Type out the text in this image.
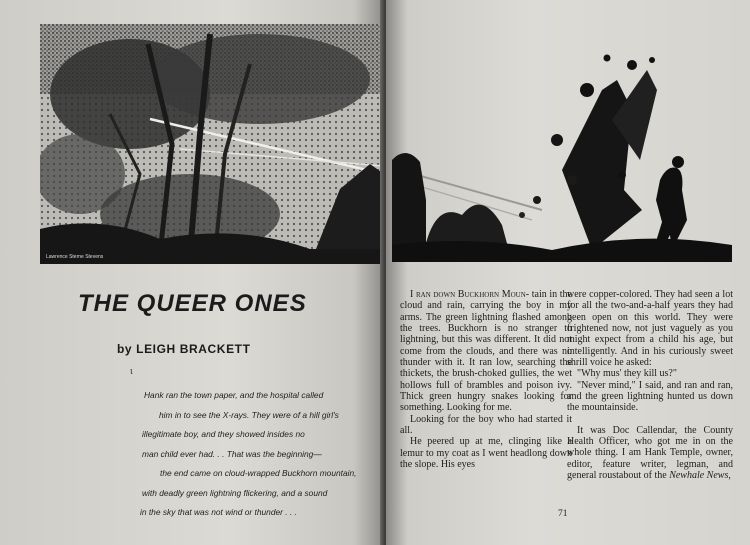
Lawrence Sterne Stevens
THE QUEER ONES
by LEIGH BRACKETT
ɩ
Hank ran the town paper, and the hospital called
him in to see the X-rays. They were of a hill girl's
illegitimate boy, and they showed insides no
man child ever had. . . That was the beginning—
the end came on cloud-wrapped Buckhorn mountain,
with deadly green lightning flickering, and a sound
in the sky that was not wind or thunder . . .

I ran down Buckhorn Moun- tain in the cloud and rain, carrying the boy in my arms. The green lightning flashed among the trees. Buckhorn is no stranger to lightning, but this was different. It did not come from the clouds, and there was no thunder with it. It ran low, searching the thickets, the brush-choked gullies, the wet hollows full of brambles and poison ivy. Thick green hungry snakes looking for something. Looking for me.

Looking for the boy who had started it all.

He peered up at me, clinging like a lemur to my coat as I went headlong down the slope. His eyes

were copper-colored. They had seen a lot for all the two-and-a-half years they had been open on this world. They were frightened now, not just vaguely as you might expect from a child his age, but intelligently. And in his curiously sweet shrill voice he asked:

"Why mus' they kill us?"

"Never mind," I said, and ran and ran, and the green lightning hunted us down the mountainside.

It was Doc Callendar, the County Health Officer, who got me in on the whole thing. I am Hank Temple, owner, editor, feature writer, legman, and general roustabout of the Newhale News,

71
